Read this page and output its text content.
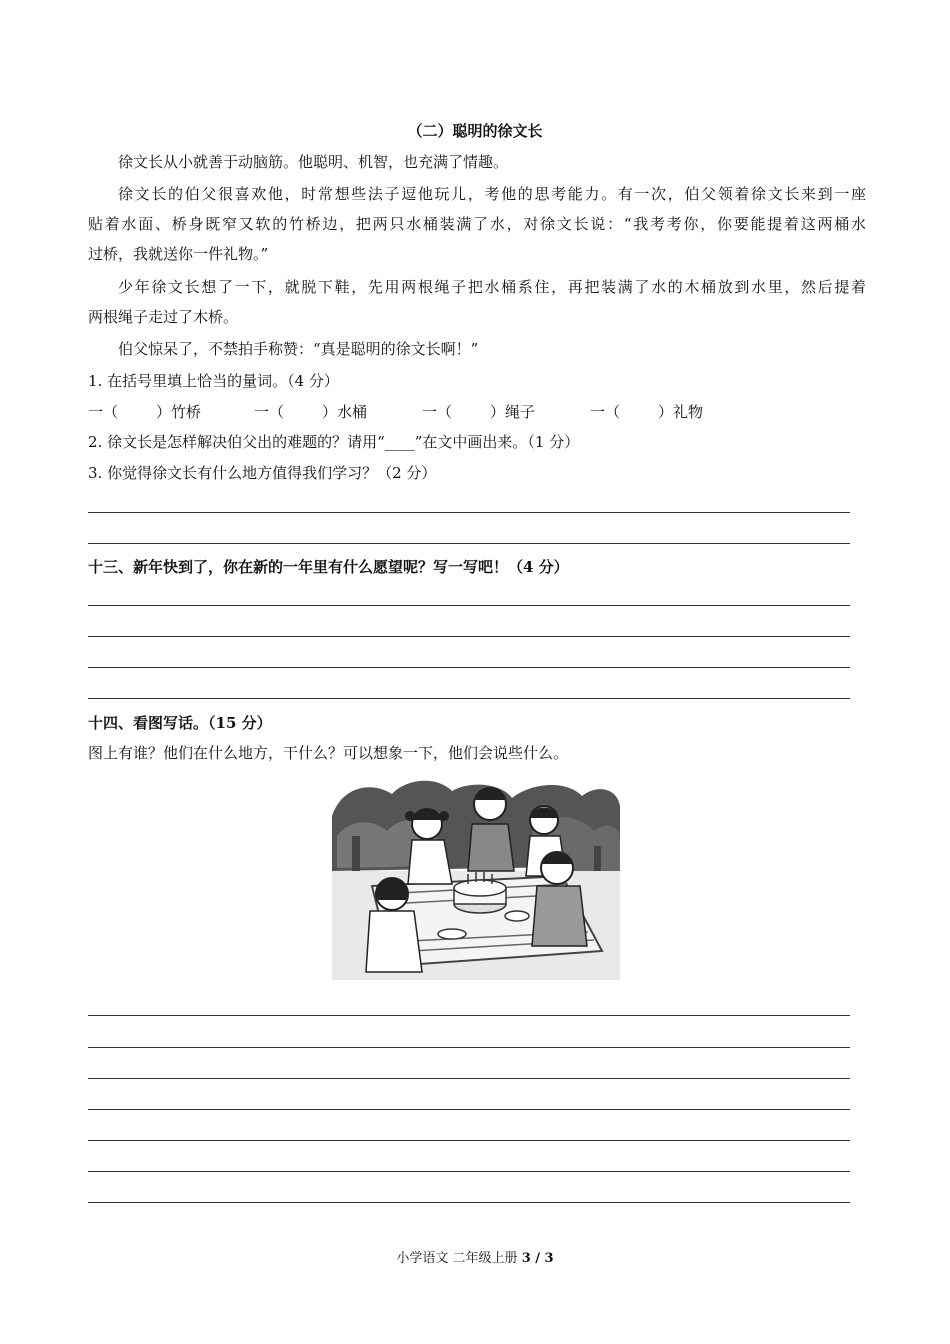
（二）聪明的徐文长
徐文长从小就善于动脑筋。他聪明、机智，也充满了情趣。
徐文长的伯父很喜欢他，时常想些法子逗他玩儿，考他的思考能力。有一次，伯父领着徐文长来到一座
贴着水面、桥身既窄又软的竹桥边，把两只水桶装满了水，对徐文长说：“我考考你，你要能提着这两桶水
过桥，我就送你一件礼物。”
少年徐文长想了一下，就脱下鞋，先用两根绳子把水桶系住，再把装满了水的木桶放到水里，然后提着
两根绳子走过了木桥。
伯父惊呆了，不禁拍手称赞：“真是聪明的徐文长啊！”
1. 在括号里填上恰当的量词。（4 分）
一（	）竹桥	一（	）水桶	一（	）绳子	一（	）礼物
2. 徐文长是怎样解决伯父出的难题的？请用“____”在文中画出来。（1 分）
3. 你觉得徐文长有什么地方值得我们学习？（2 分）
十三、新年快到了，你在新的一年里有什么愿望呢？写一写吧！（4 分）
十四、看图写话。（15 分）
图上有谁？他们在什么地方，干什么？可以想象一下，他们会说些什么。
小学语文 二年级上册 3 / 3
